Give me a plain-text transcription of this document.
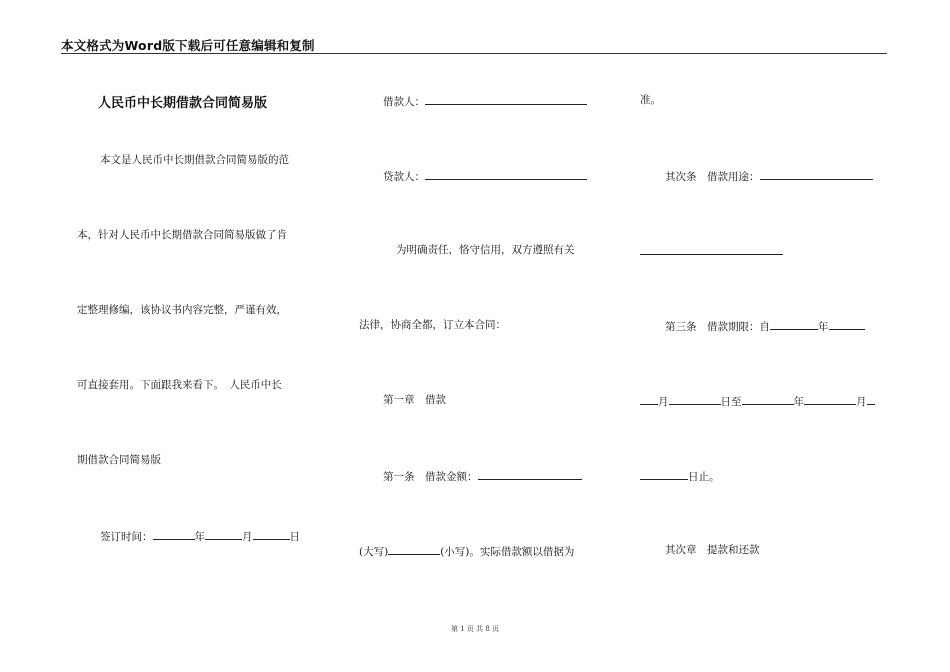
本文格式为Word版下载后可任意编辑和复制
人民币中长期借款合同简易版
本文是人民币中长期借款合同简易版的范
本，针对人民币中长期借款合同简易版做了肯
定整理修编，该协议书内容完整，严谨有效，
可直接套用。下面跟我来看下。　人民币中长
期借款合同简易版
签订时间：	年	月	日
借款人：
贷款人：
为明确责任，恪守信用，双方遵照有关
法律，协商全都，订立本合同：
第一章　借款
第一条　借款金额：
(大写)	(小写)。实际借款额以借据为
准。
其次条　借款用途：
第三条　借款期限：自	年
月	日至	年	月
日止。
其次章　提款和还款
第 1 页 共 8 页
